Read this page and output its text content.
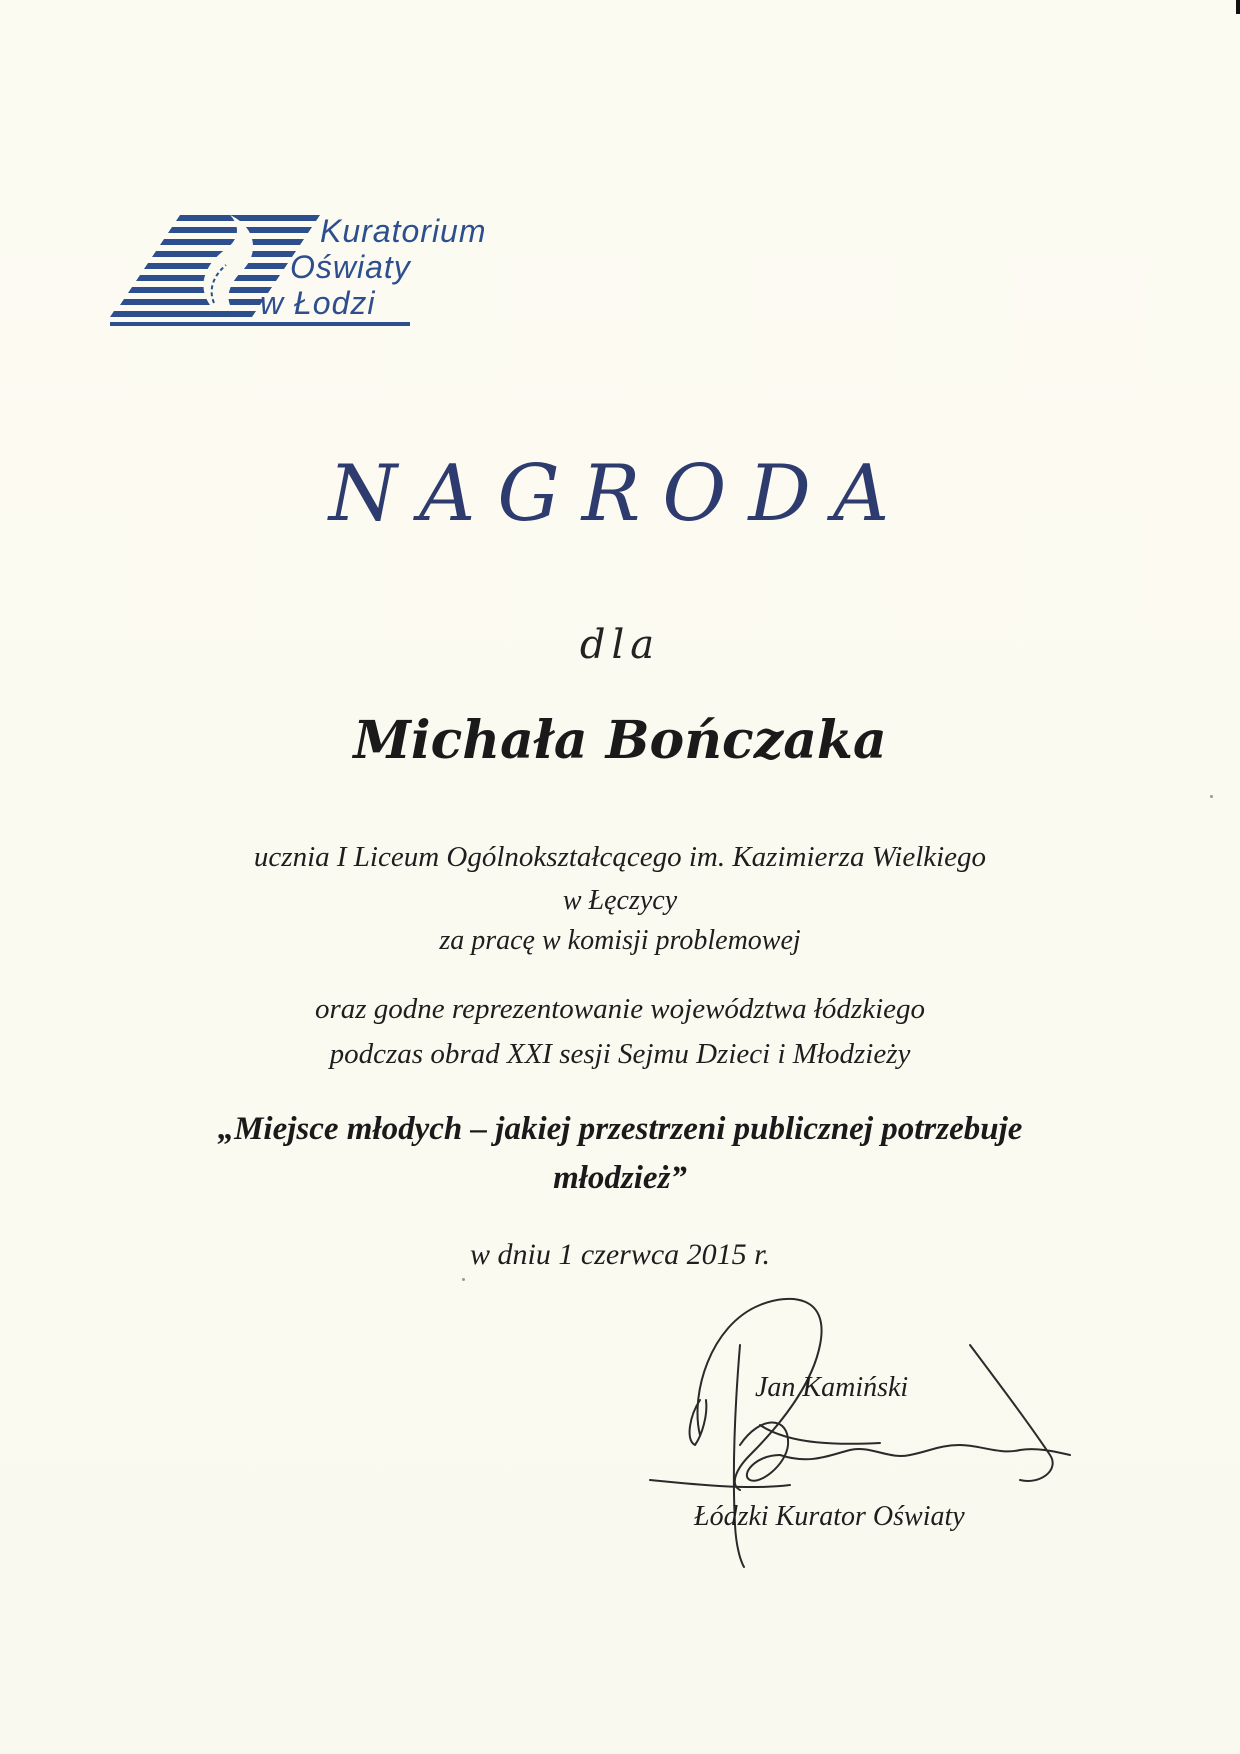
Kuratorium
Oświaty
w Łodzi
NAGRODA
dla
Michała Bończaka
ucznia I Liceum Ogólnokształcącego im. Kazimierza Wielkiego
w Łęczycy
za pracę w komisji problemowej
oraz godne reprezentowanie województwa łódzkiego
podczas obrad XXI sesji Sejmu Dzieci i Młodzieży
„Miejsce młodych – jakiej przestrzeni publicznej potrzebuje
młodzież”
w dniu 1 czerwca 2015 r.
Jan Kamiński
Łódzki Kurator Oświaty
